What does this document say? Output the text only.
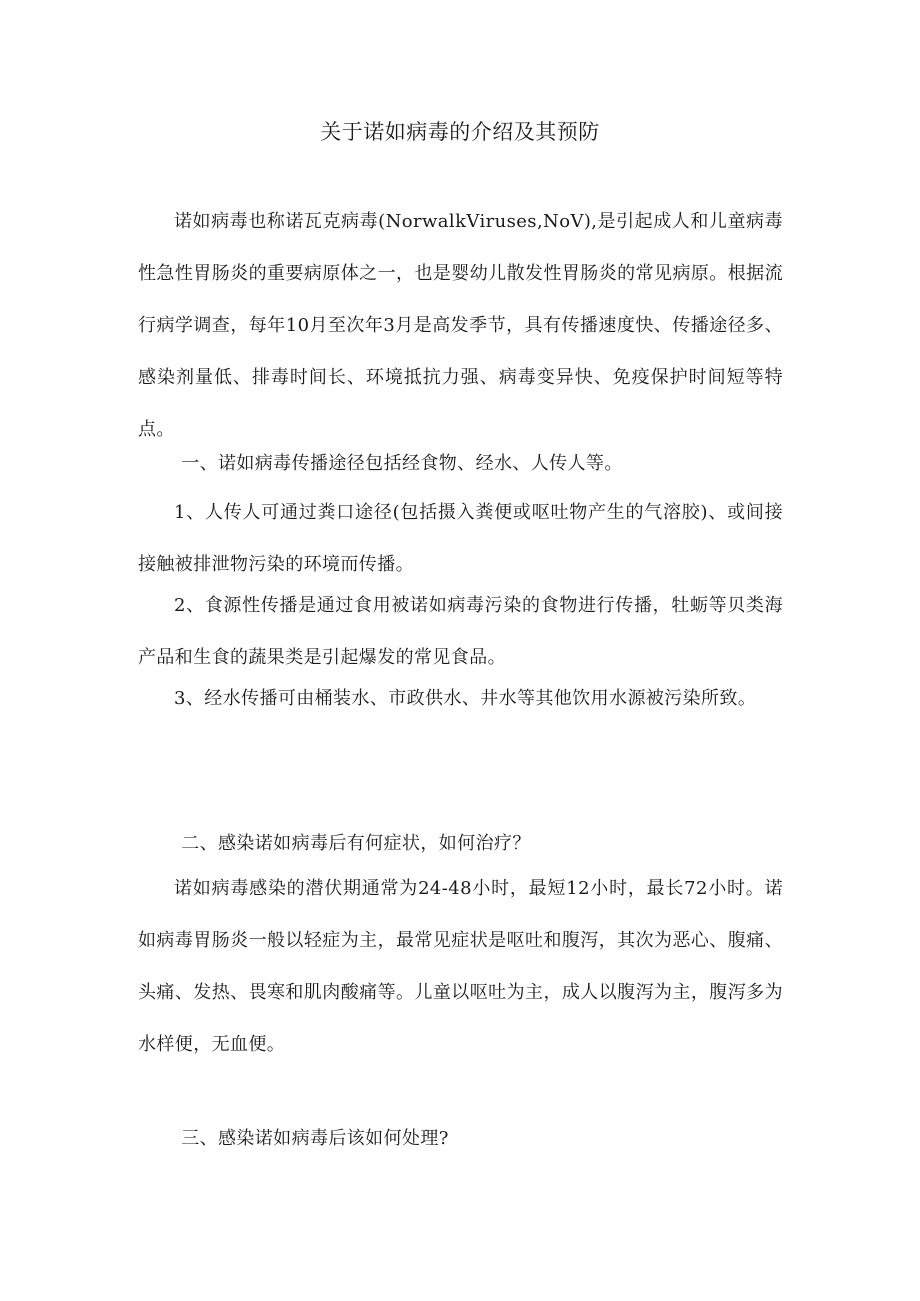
关于诺如病毒的介绍及其预防

诺如病毒也称诺瓦克病毒(NorwalkViruses,NoV),是引起成人和儿童病毒性急性胃肠炎的重要病原体之一，也是婴幼儿散发性胃肠炎的常见病原。根据流行病学调查，每年10月至次年3月是高发季节，具有传播速度快、传播途径多、感染剂量低、排毒时间长、环境抵抗力强、病毒变异快、免疫保护时间短等特点。

一、诺如病毒传播途径包括经食物、经水、人传人等。

1、人传人可通过粪口途径(包括摄入粪便或呕吐物产生的气溶胶)、或间接接触被排泄物污染的环境而传播。

2、食源性传播是通过食用被诺如病毒污染的食物进行传播，牡蛎等贝类海产品和生食的蔬果类是引起爆发的常见食品。

3、经水传播可由桶装水、市政供水、井水等其他饮用水源被污染所致。

二、感染诺如病毒后有何症状，如何治疗？

诺如病毒感染的潜伏期通常为24-48小时，最短12小时，最长72小时。诺如病毒胃肠炎一般以轻症为主，最常见症状是呕吐和腹泻，其次为恶心、腹痛、头痛、发热、畏寒和肌肉酸痛等。儿童以呕吐为主，成人以腹泻为主，腹泻多为水样便，无血便。

三、感染诺如病毒后该如何处理?
